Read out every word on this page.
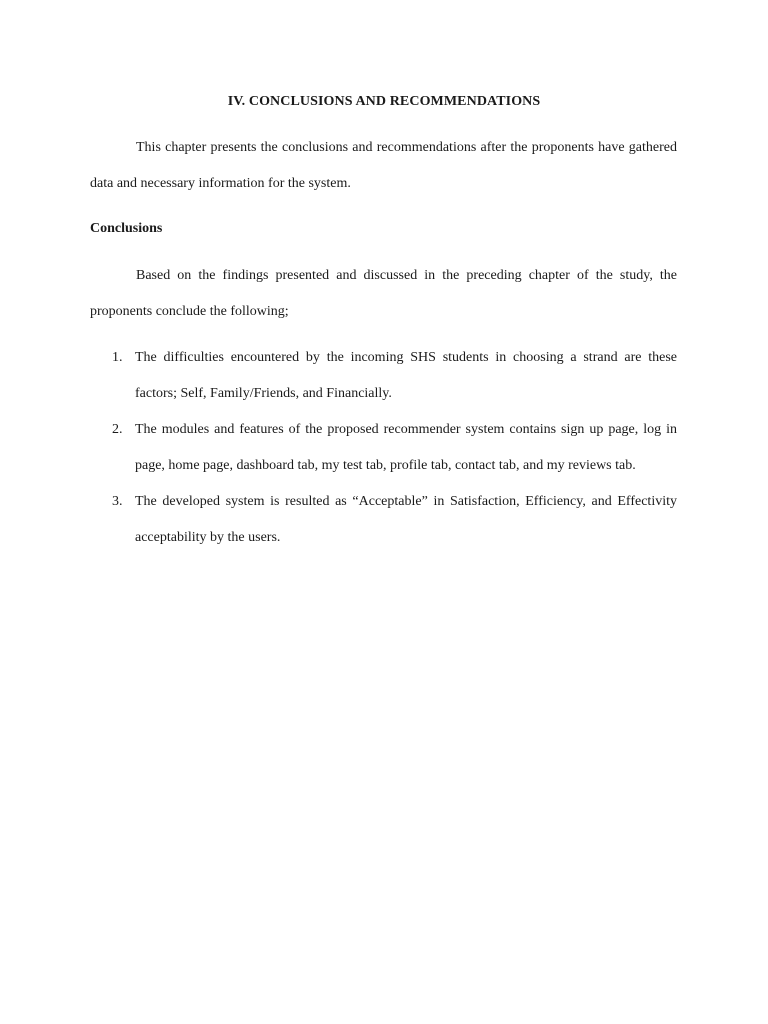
IV. CONCLUSIONS AND RECOMMENDATIONS

This chapter presents the conclusions and recommendations after the proponents have gathered data and necessary information for the system.

Conclusions

Based on the findings presented and discussed in the preceding chapter of the study, the proponents conclude the following;

1. The difficulties encountered by the incoming SHS students in choosing a strand are these factors; Self, Family/Friends, and Financially.
2. The modules and features of the proposed recommender system contains sign up page, log in page, home page, dashboard tab, my test tab, profile tab, contact tab, and my reviews tab.
3. The developed system is resulted as “Acceptable” in Satisfaction, Efficiency, and Effectivity acceptability by the users.
